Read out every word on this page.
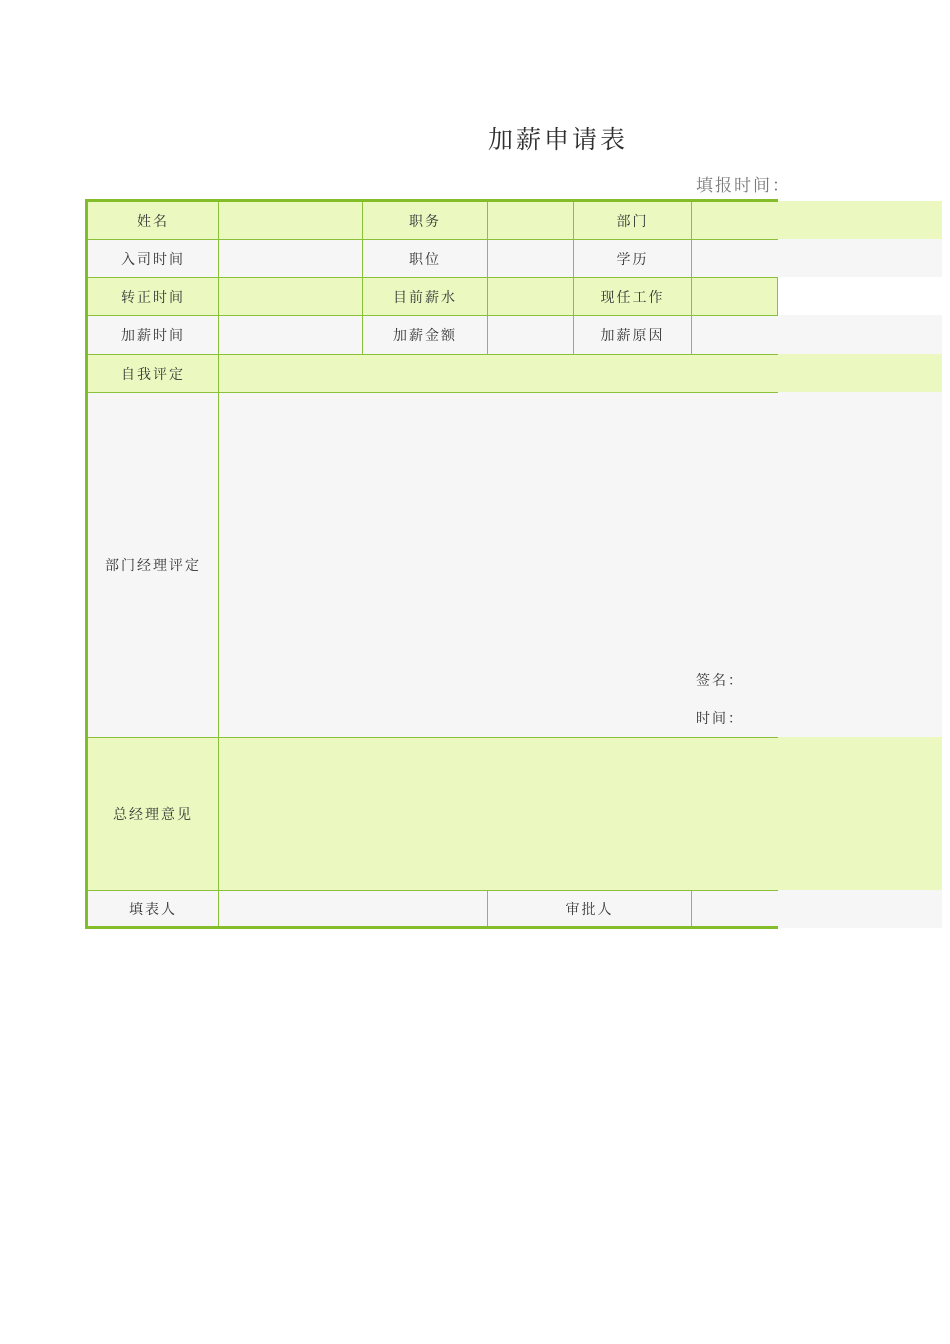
加薪申请表
填报时间：
姓名	职务	部门
入司时间	职位	学历
转正时间	目前薪水	现任工作
加薪时间	加薪金额	加薪原因
自我评定
部门经理评定
签名：
时间：
总经理意见
填表人	审批人
